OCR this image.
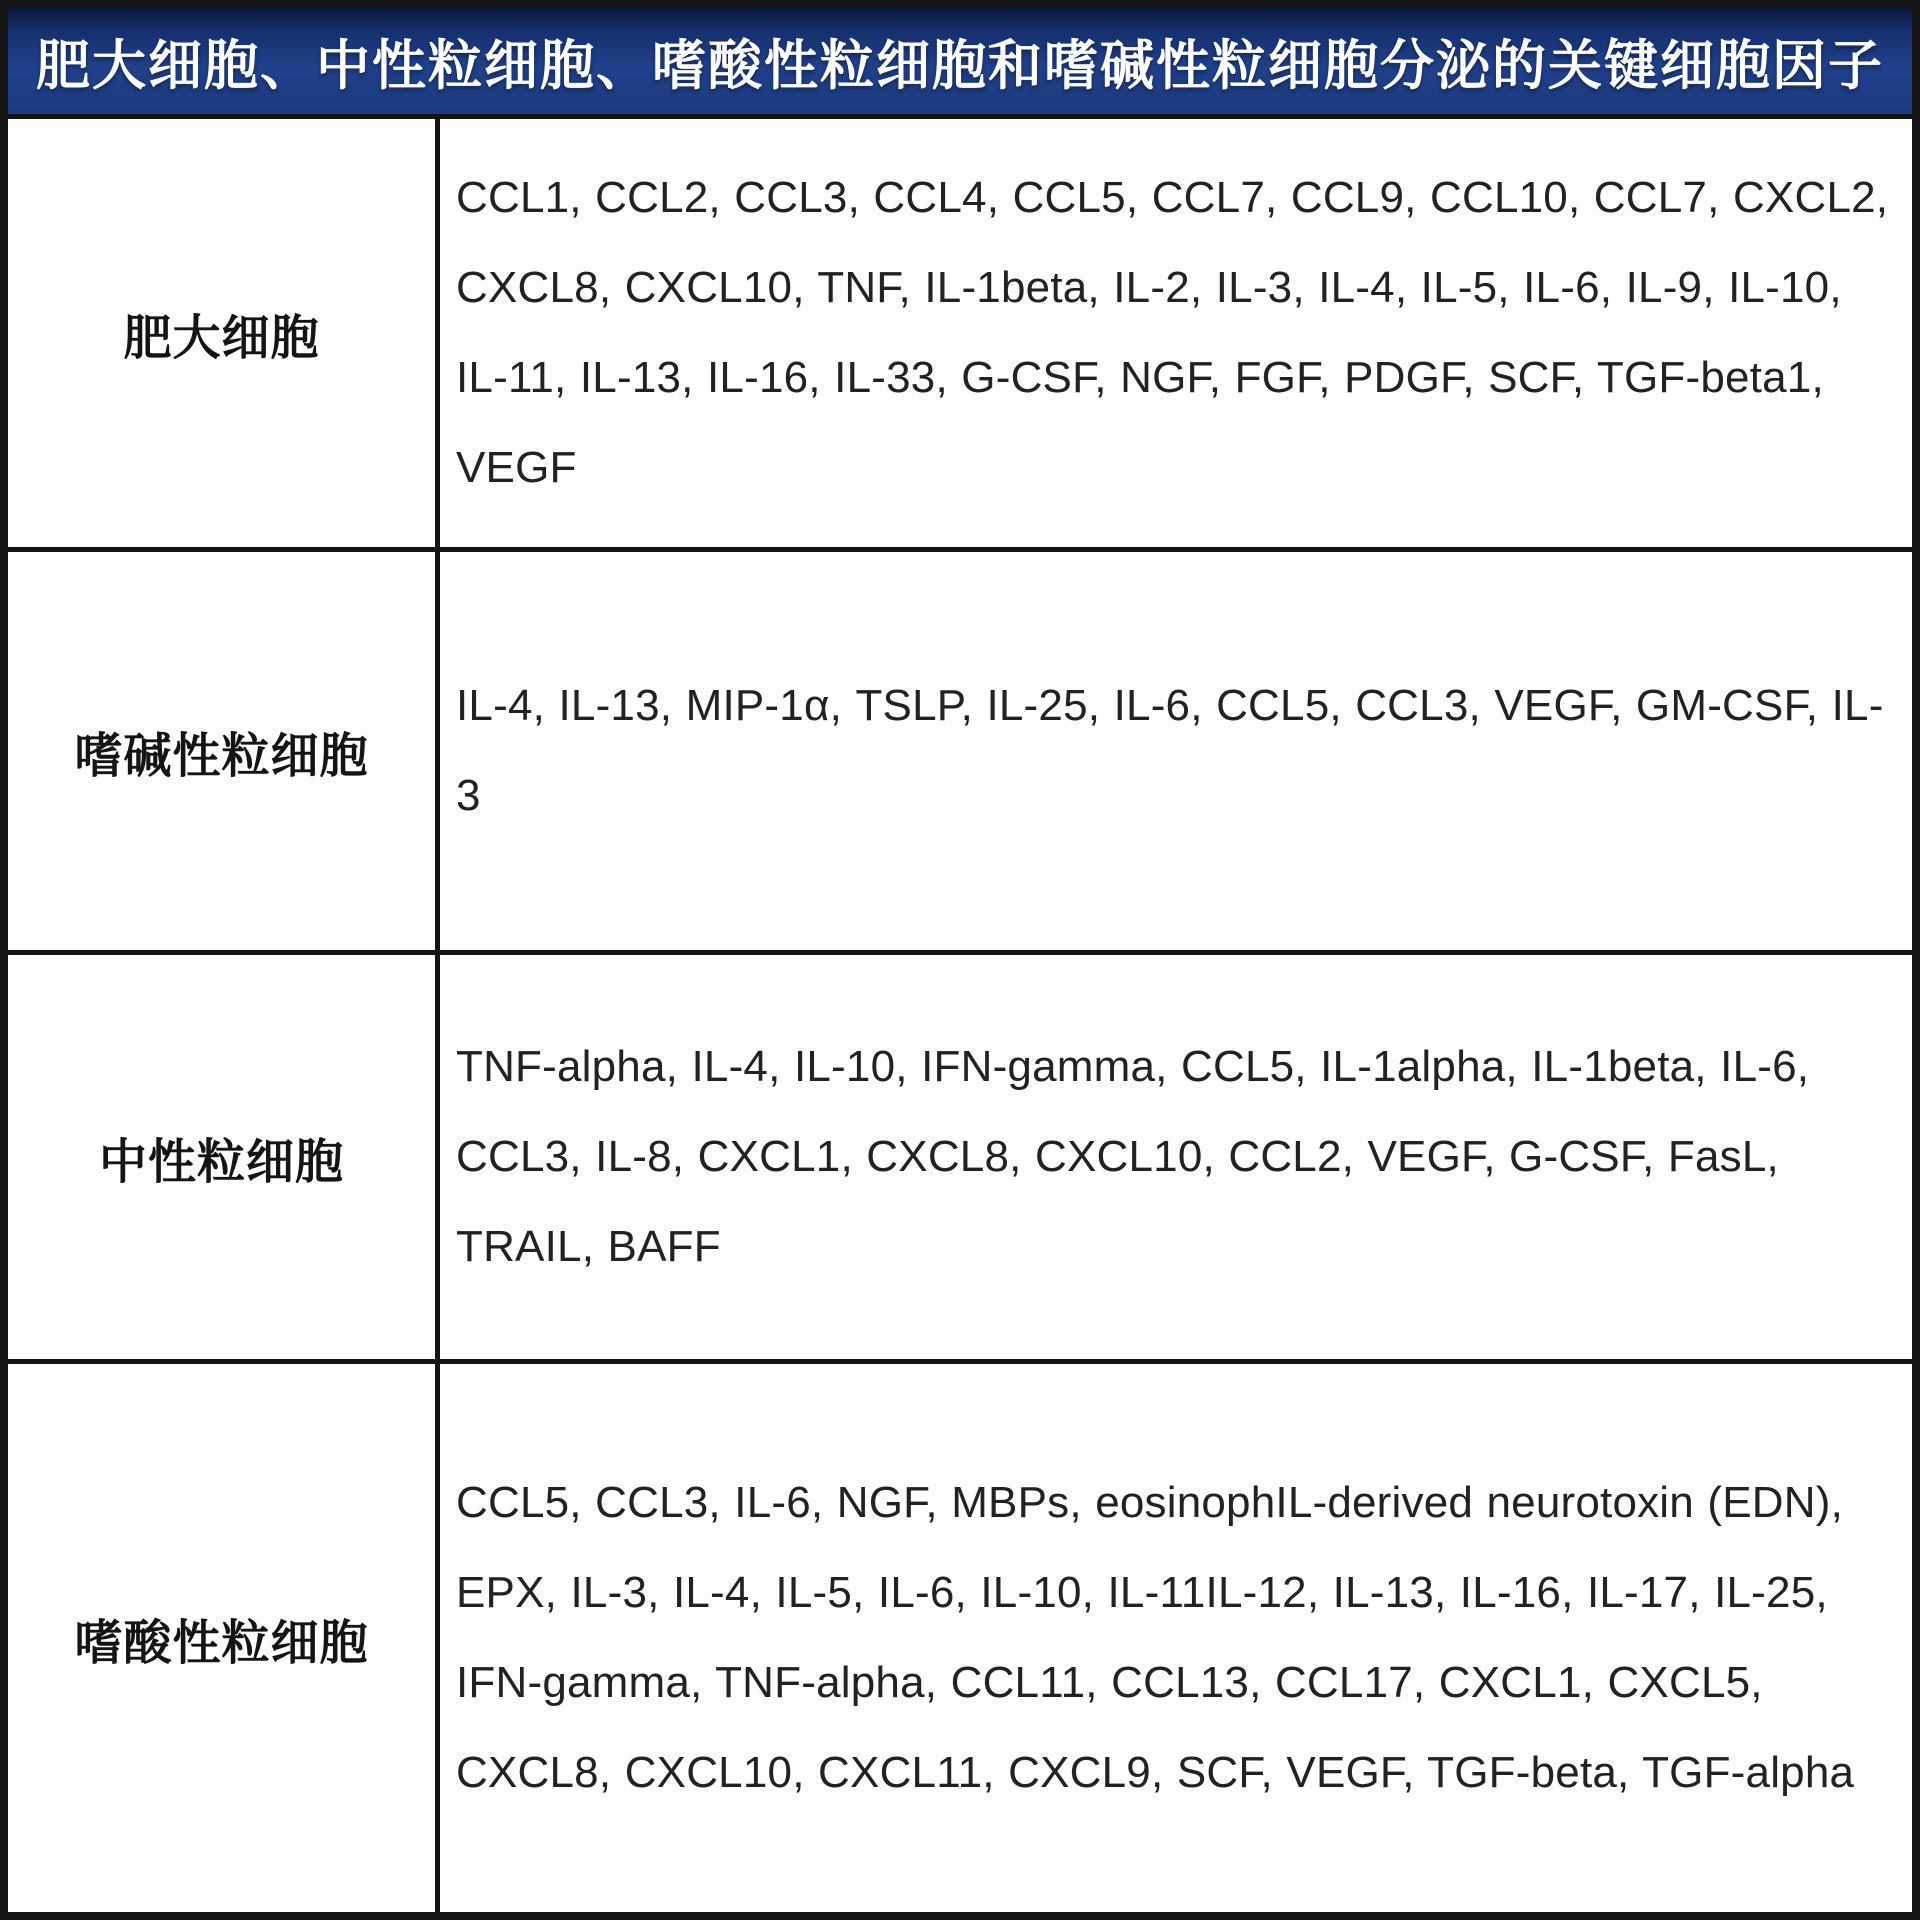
肥大细胞、中性粒细胞、嗜酸性粒细胞和嗜碱性粒细胞分泌的关键细胞因子
肥大细胞
CCL1, CCL2, CCL3, CCL4, CCL5, CCL7, CCL9, CCL10, CCL7, CXCL2, CXCL8, CXCL10, TNF, IL-1beta, IL-2, IL-3, IL-4, IL-5, IL-6, IL-9, IL-10, IL-11, IL-13, IL-16, IL-33, G-CSF, NGF, FGF, PDGF, SCF, TGF-beta1, VEGF
嗜碱性粒细胞
IL-4, IL-13, MIP-1α, TSLP, IL-25, IL-6, CCL5, CCL3, VEGF, GM-CSF, IL-3
中性粒细胞
TNF-alpha, IL-4, IL-10, IFN-gamma, CCL5, IL-1alpha, IL-1beta, IL-6, CCL3, IL-8, CXCL1, CXCL8, CXCL10, CCL2, VEGF, G-CSF, FasL, TRAIL, BAFF
嗜酸性粒细胞
CCL5, CCL3, IL-6, NGF, MBPs, eosinophIL-derived neurotoxin (EDN), EPX, IL-3, IL-4, IL-5, IL-6, IL-10, IL-11IL-12, IL-13, IL-16, IL-17, IL-25, IFN-gamma, TNF-alpha, CCL11, CCL13, CCL17, CXCL1, CXCL5, CXCL8, CXCL10, CXCL11, CXCL9, SCF, VEGF, TGF-beta, TGF-alpha
